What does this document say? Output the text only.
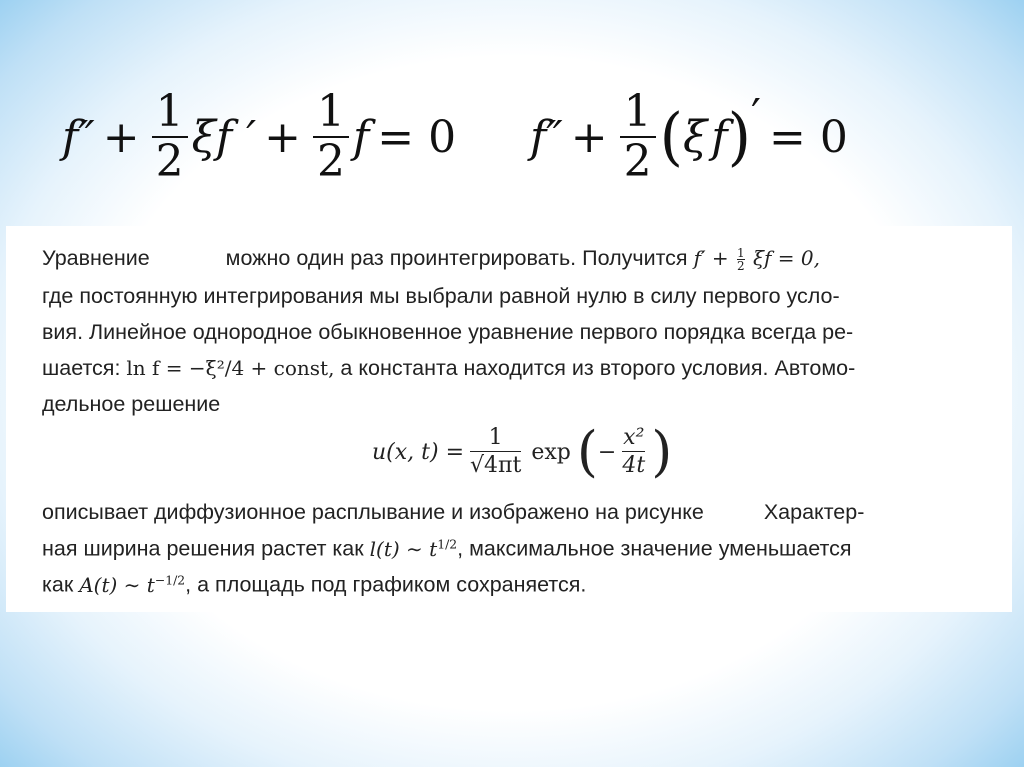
$f'' + \frac{1}{2}$ ξ f ′ + $\frac{1}{2}$ f = 0 $f'' + \frac{1}{2}$ ( ξ f ) ′ = 0
Уравнение	можно один раз проинтегрировать. Получится $f' + \frac{1}{2}$ ξf = 0,
где постоянную интегрирования мы выбрали равной нулю в силу первого усло-
вия. Линейное однородное обыкновенное уравнение первого порядка всегда ре-
шается: ln f = −ξ²/4 + const, а константа находится из второго условия. Автомо-
дельное решение
u(x, $t) = \frac{1}{√4\pi t}$ exp ( − $\frac{\text{x²}}{4t}$ )
описывает диффузионное расплывание и изображено на рисунке	Характер-
ная ширина решения растет как l(t) ∼ $t^{1/2}$, максимальное значение уменьшается
как A(t) ∼ $t^{-1/2}$, а площадь под графиком сохраняется.
